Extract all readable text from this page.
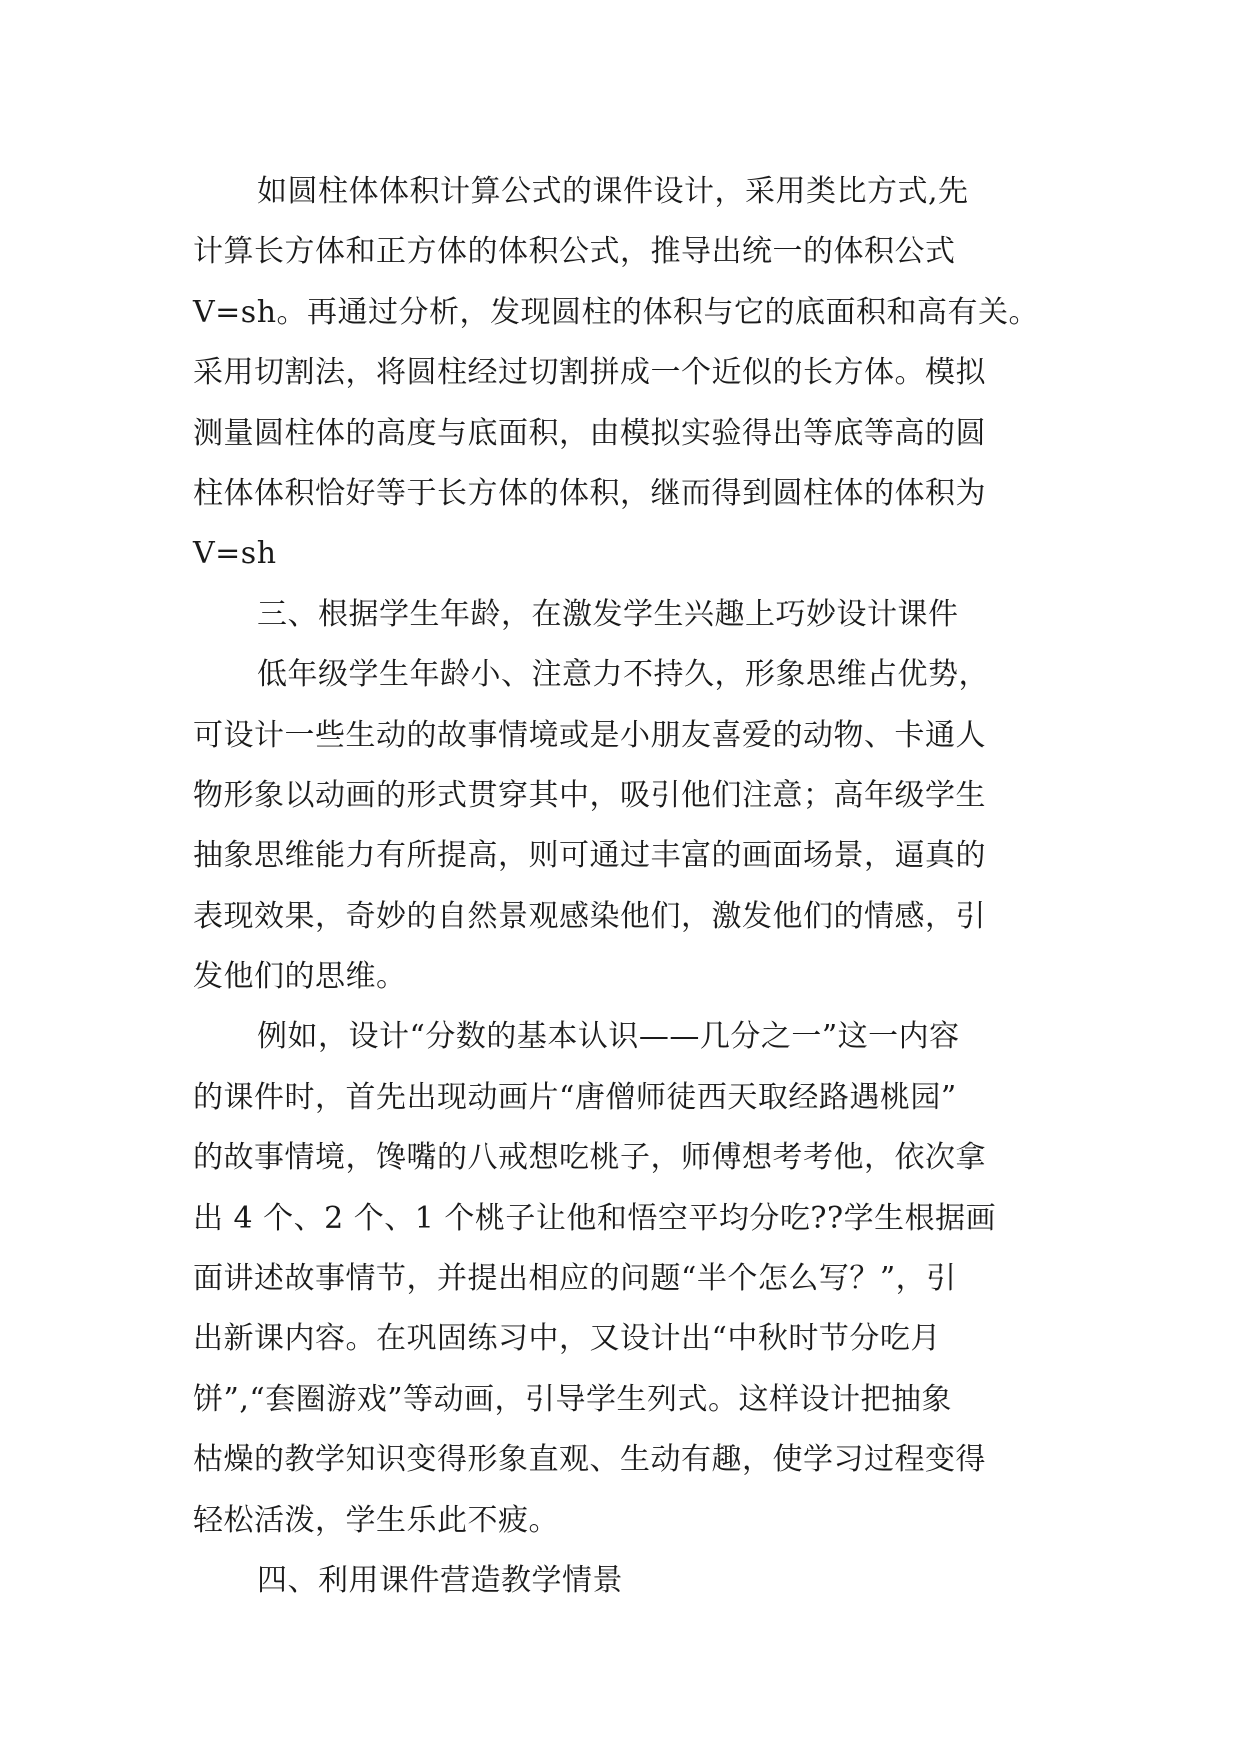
如圆柱体体积计算公式的课件设计，采用类比方式,先
计算长方体和正方体的体积公式，推导出统一的体积公式
V=sh。再通过分析，发现圆柱的体积与它的底面积和高有关。
采用切割法，将圆柱经过切割拼成一个近似的长方体。模拟
测量圆柱体的高度与底面积，由模拟实验得出等底等高的圆
柱体体积恰好等于长方体的体积，继而得到圆柱体的体积为
V=sh
三、根据学生年龄，在激发学生兴趣上巧妙设计课件
低年级学生年龄小、注意力不持久，形象思维占优势，
可设计一些生动的故事情境或是小朋友喜爱的动物、卡通人
物形象以动画的形式贯穿其中，吸引他们注意；高年级学生
抽象思维能力有所提高，则可通过丰富的画面场景，逼真的
表现效果，奇妙的自然景观感染他们，激发他们的情感，引
发他们的思维。
例如，设计“分数的基本认识——几分之一”这一内容
的课件时，首先出现动画片“唐僧师徒西天取经路遇桃园”
的故事情境，馋嘴的八戒想吃桃子，师傅想考考他，依次拿
出 4 个、2 个、1 个桃子让他和悟空平均分吃??学生根据画
面讲述故事情节，并提出相应的问题“半个怎么写？”，引
出新课内容。在巩固练习中，又设计出“中秋时节分吃月
饼”,“套圈游戏”等动画，引导学生列式。这样设计把抽象
枯燥的教学知识变得形象直观、生动有趣，使学习过程变得
轻松活泼，学生乐此不疲。
四、利用课件营造教学情景
